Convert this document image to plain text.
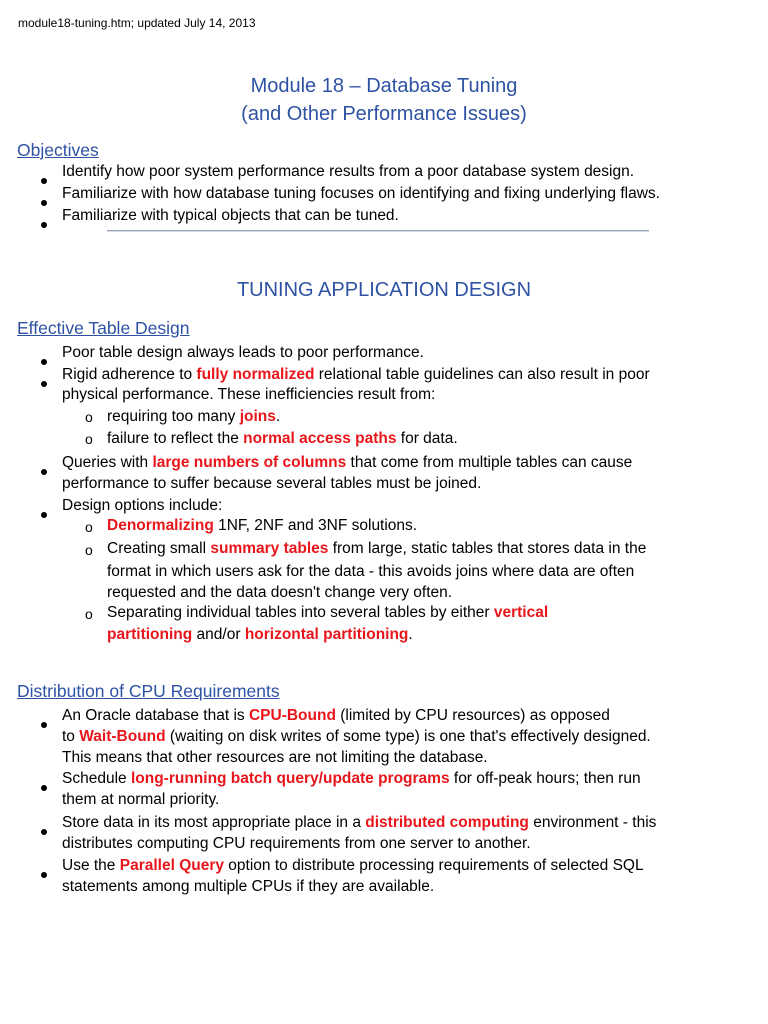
module18-tuning.htm; updated July 14, 2013
Module 18 – Database Tuning
(and Other Performance Issues)
Objectives
Identify how poor system performance results from a poor database system design.
Familiarize with how database tuning focuses on identifying and fixing underlying flaws.
Familiarize with typical objects that can be tuned.
TUNING APPLICATION DESIGN
Effective Table Design
Poor table design always leads to poor performance.
Rigid adherence to fully normalized relational table guidelines can also result in poor
physical performance. These inefficiencies result from:
o requiring too many joins.
o failure to reflect the normal access paths for data.
Queries with large numbers of columns that come from multiple tables can cause
performance to suffer because several tables must be joined.
Design options include:
o Denormalizing 1NF, 2NF and 3NF solutions.
o Creating small summary tables from large, static tables that stores data in the
format in which users ask for the data - this avoids joins where data are often
requested and the data doesn't change very often.
o Separating individual tables into several tables by either vertical
partitioning and/or horizontal partitioning.
Distribution of CPU Requirements
An Oracle database that is CPU-Bound (limited by CPU resources) as opposed
to Wait-Bound (waiting on disk writes of some type) is one that's effectively designed.
This means that other resources are not limiting the database.
Schedule long-running batch query/update programs for off-peak hours; then run
them at normal priority.
Store data in its most appropriate place in a distributed computing environment - this
distributes computing CPU requirements from one server to another.
Use the Parallel Query option to distribute processing requirements of selected SQL
statements among multiple CPUs if they are available.
